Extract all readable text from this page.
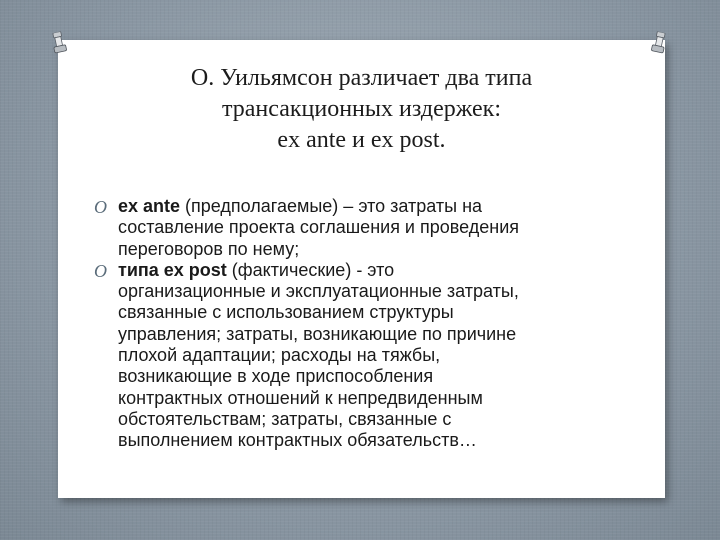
О. Уильямсон различает два типа
трансакционных издержек:
ex ante и ex post.
O ex ante (предполагаемые) – это затраты на
составление проекта соглашения и проведения
переговоров по нему;
O типа ex post (фактические) - это
организационные и эксплуатационные затраты,
связанные с использованием структуры
управления; затраты, возникающие по причине
плохой адаптации; расходы на тяжбы,
возникающие в ходе приспособления
контрактных отношений к непредвиденным
обстоятельствам; затраты, связанные с
выполнением контрактных обязательств…
